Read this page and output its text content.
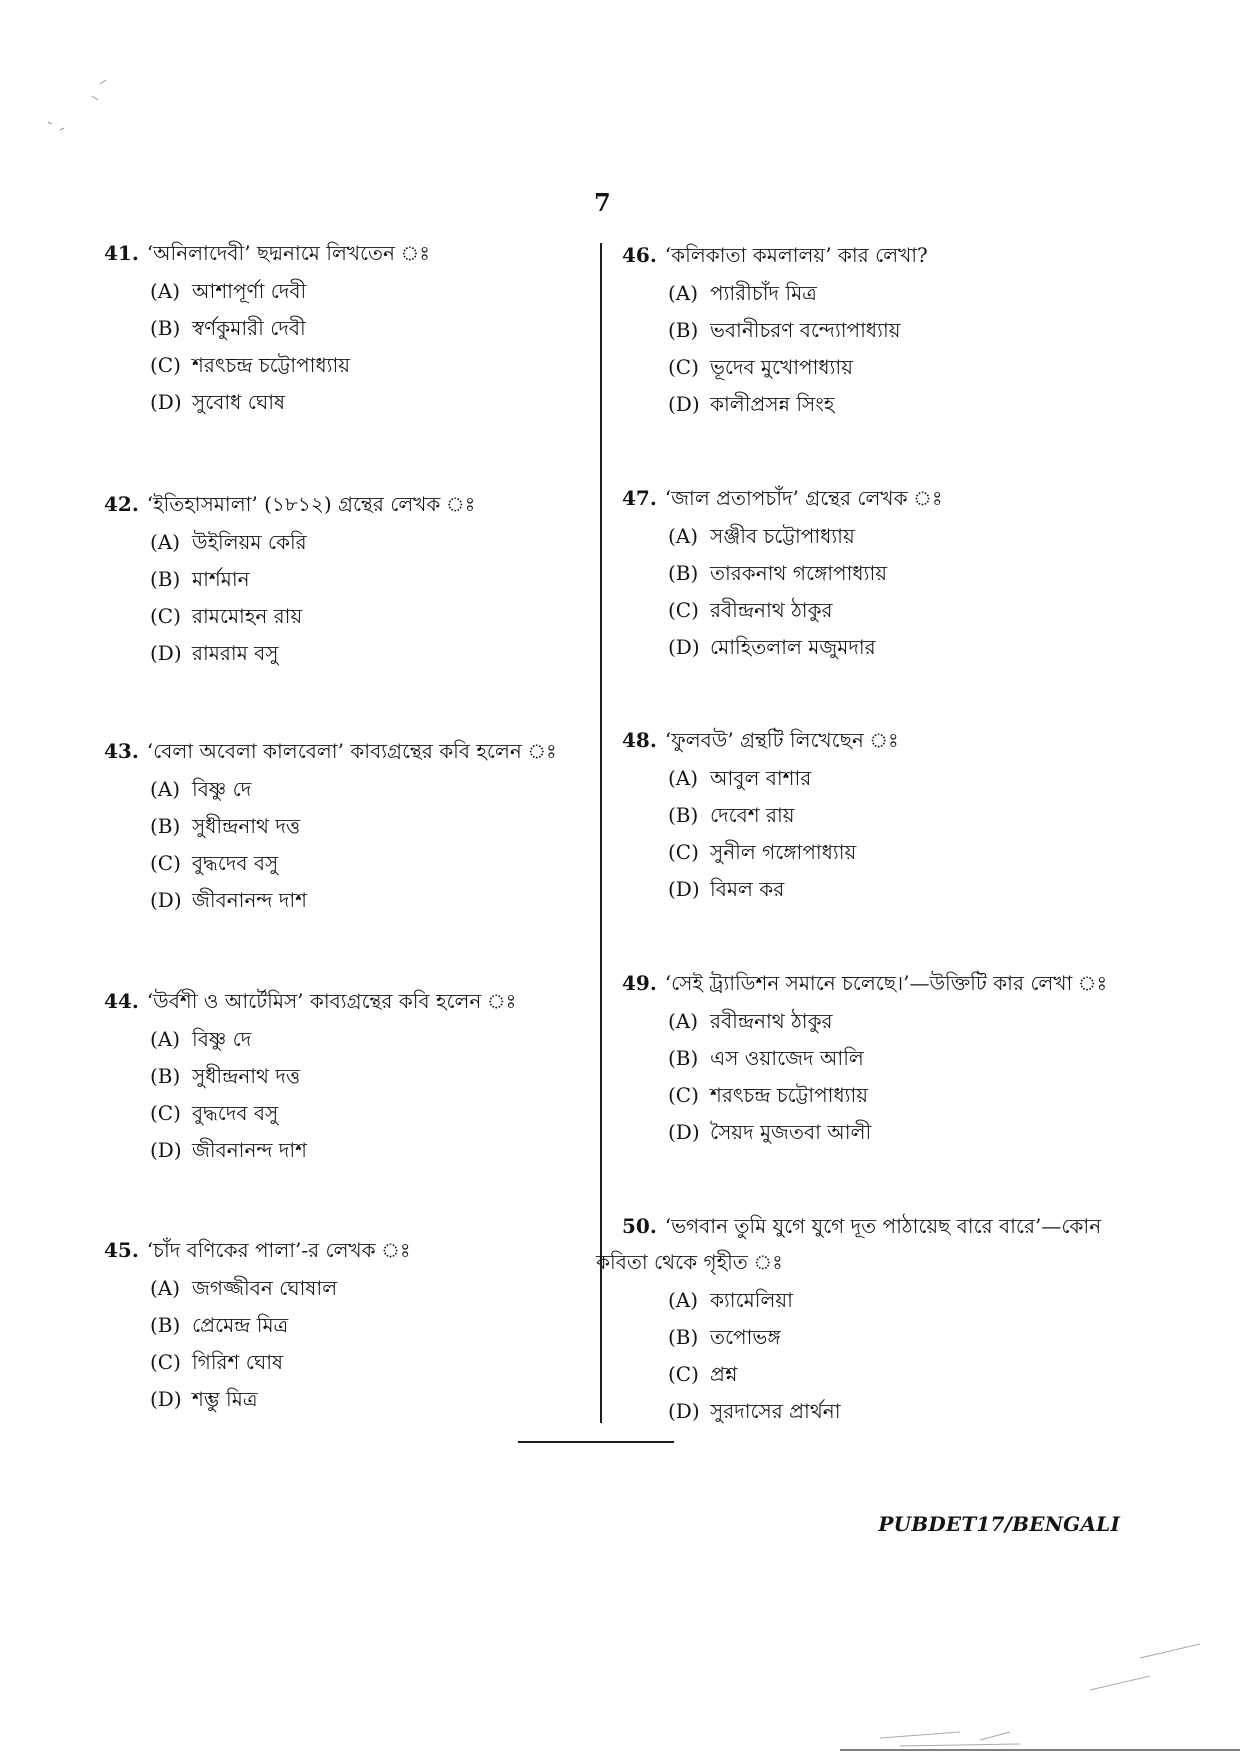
7
41. ‘অনিলাদেবী’ ছদ্মনামে লিখতেন ঃ
(A) আশাপূর্ণা দেবী
(B) স্বর্ণকুমারী দেবী
(C) শরৎচন্দ্র চট্টোপাধ্যায়
(D) সুবোধ ঘোষ
42. ‘ইতিহাসমালা’ (১৮১২) গ্রন্থের লেখক ঃ
(A) উইলিয়ম কেরি
(B) মার্শমান
(C) রামমোহন রায়
(D) রামরাম বসু
43. ‘বেলা অবেলা কালবেলা’ কাব্যগ্রন্থের কবি হলেন ঃ
(A) বিষ্ণু দে
(B) সুধীন্দ্রনাথ দত্ত
(C) বুদ্ধদেব বসু
(D) জীবনানন্দ দাশ
44. ‘উর্বশী ও আর্টেমিস’ কাব্যগ্রন্থের কবি হলেন ঃ
(A) বিষ্ণু দে
(B) সুধীন্দ্রনাথ দত্ত
(C) বুদ্ধদেব বসু
(D) জীবনানন্দ দাশ
45. ‘চাঁদ বণিকের পালা’-র লেখক ঃ
(A) জগজ্জীবন ঘোষাল
(B) প্রেমেন্দ্র মিত্র
(C) গিরিশ ঘোষ
(D) শম্ভু মিত্র
46. ‘কলিকাতা কমলালয়’ কার লেখা?
(A) প্যারীচাঁদ মিত্র
(B) ভবানীচরণ বন্দ্যোপাধ্যায়
(C) ভূদেব মুখোপাধ্যায়
(D) কালীপ্রসন্ন সিংহ
47. ‘জাল প্রতাপচাঁদ’ গ্রন্থের লেখক ঃ
(A) সঞ্জীব চট্টোপাধ্যায়
(B) তারকনাথ গঙ্গোপাধ্যায়
(C) রবীন্দ্রনাথ ঠাকুর
(D) মোহিতলাল মজুমদার
48. ‘ফুলবউ’ গ্রন্থটি লিখেছেন ঃ
(A) আবুল বাশার
(B) দেবেশ রায়
(C) সুনীল গঙ্গোপাধ্যায়
(D) বিমল কর
49. ‘সেই ট্র্যাডিশন সমানে চলেছে।’—উক্তিটি কার লেখা ঃ
(A) রবীন্দ্রনাথ ঠাকুর
(B) এস ওয়াজেদ আলি
(C) শরৎচন্দ্র চট্টোপাধ্যায়
(D) সৈয়দ মুজতবা আলী
50. ‘ভগবান তুমি যুগে যুগে দূত পাঠায়েছ বারে বারে’—কোন
কবিতা থেকে গৃহীত ঃ
(A) ক্যামেলিয়া
(B) তপোভঙ্গ
(C) প্রশ্ন
(D) সুরদাসের প্রার্থনা
PUBDET17/BENGALI
